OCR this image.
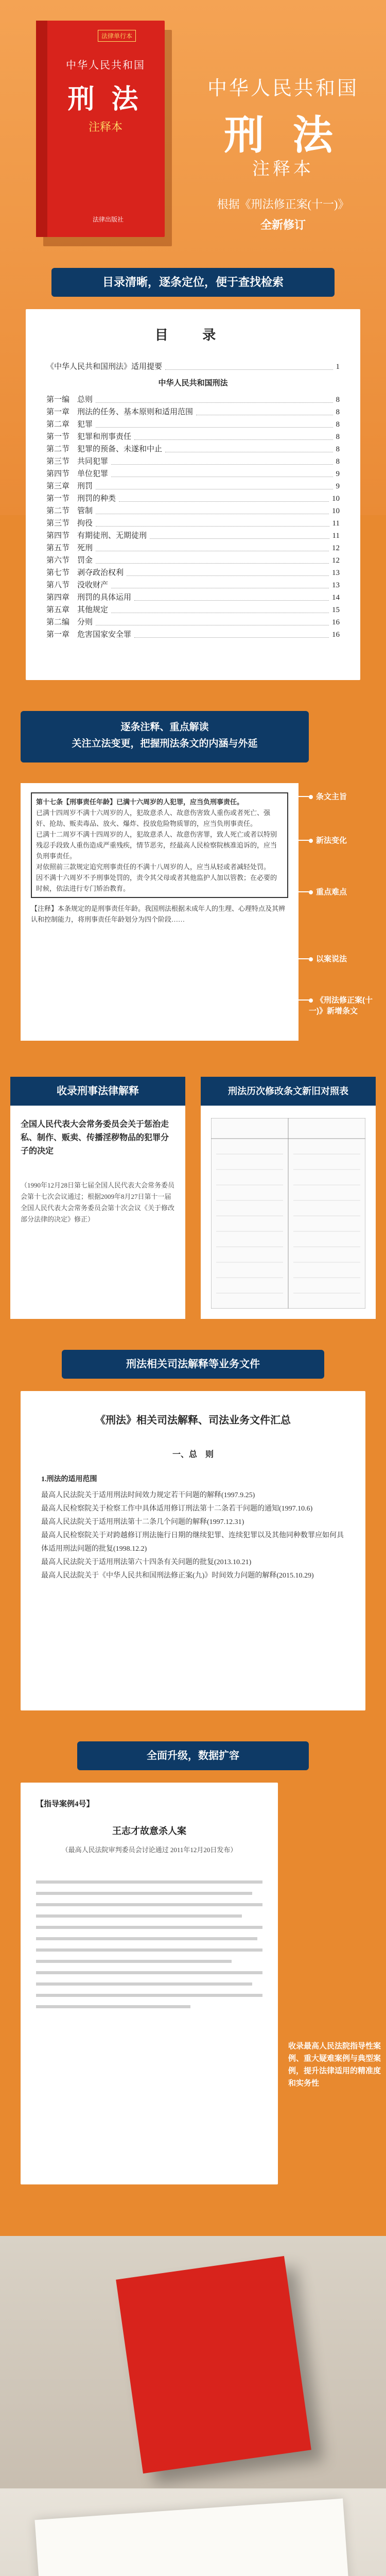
法律单行本
中华人民共和国
刑 法
注释本
法律出版社
中华人民共和国
刑 法
注释本
根据《刑法修正案(十一)》
全新修订
目录清晰，逐条定位，便于查找检索
目 录
《中华人民共和国刑法》适用提要	1
中华人民共和国刑法
第一编　总则	8
第一章　刑法的任务、基本原则和适用范围	8
第二章　犯罪	8
第一节　犯罪和刑事责任	8
第二节　犯罪的预备、未遂和中止	8
第三节　共同犯罪	8
第四节　单位犯罪	9
第三章　刑罚	9
第一节　刑罚的种类	10
第二节　管制	10
第三节　拘役	11
第四节　有期徒刑、无期徒刑	11
第五节　死刑	12
第六节　罚金	12
第七节　剥夺政治权利	13
第八节　没收财产	13
第四章　刑罚的具体运用	14
第五章　其他规定	15
第二编　分则	16
第一章　危害国家安全罪	16
逐条注释、重点解读
关注立法变更，把握刑法条文的内涵与外延
第十七条【刑事责任年龄】已满十六周岁的人犯罪，应当负刑事责任。
已满十四周岁不满十六周岁的人，犯故意杀人、故意伤害致人重伤或者死亡、强奸、抢劫、贩卖毒品、放火、爆炸、投放危险物质罪的，应当负刑事责任。
已满十二周岁不满十四周岁的人，犯故意杀人、故意伤害罪，致人死亡或者以特别残忍手段致人重伤造成严重残疾，情节恶劣，经最高人民检察院核准追诉的，应当负刑事责任。
对依照前三款规定追究刑事责任的不满十八周岁的人，应当从轻或者减轻处罚。
因不满十六周岁不予刑事处罚的，责令其父母或者其他监护人加以管教；在必要的时候，依法进行专门矫治教育。
【注释】本条规定的是刑事责任年龄。我国刑法根据未成年人的生理、心理特点及其辨认和控制能力，将刑事责任年龄划分为四个阶段……
条文主旨
新法变化
重点难点
以案说法
《刑法修正案(十一)》新增条文
收录刑事法律解释
全国人民代表大会常务委员会关于惩治走私、制作、贩卖、传播淫秽物品的犯罪分子的决定
（1990年12月28日第七届全国人民代表大会常务委员会第十七次会议通过；根据2009年8月27日第十一届全国人民代表大会常务委员会第十次会议《关于修改部分法律的决定》修正）
刑法历次修改条文新旧对照表
刑法相关司法解释等业务文件
《刑法》相关司法解释、司法业务文件汇总
一、总　则
1.刑法的适用范围
最高人民法院关于适用刑法时间效力规定若干问题的解释(1997.9.25)
最高人民检察院关于检察工作中具体适用修订刑法第十二条若干问题的通知(1997.10.6)
最高人民法院关于适用刑法第十二条几个问题的解释(1997.12.31)
最高人民检察院关于对跨越修订刑法施行日期的继续犯罪、连续犯罪以及其他同种数罪应如何具体适用刑法问题的批复(1998.12.2)
最高人民法院关于适用刑法第六十四条有关问题的批复(2013.10.21)
最高人民法院关于《中华人民共和国刑法修正案(九)》时间效力问题的解释(2015.10.29)
全面升级，数据扩容
【指导案例4号】
王志才故意杀人案
（最高人民法院审判委员会讨论通过 2011年12月20日发布）
收录最高人民法院指导性案例、重大疑难案例与典型案例，提升法律适用的精准度和实务性
